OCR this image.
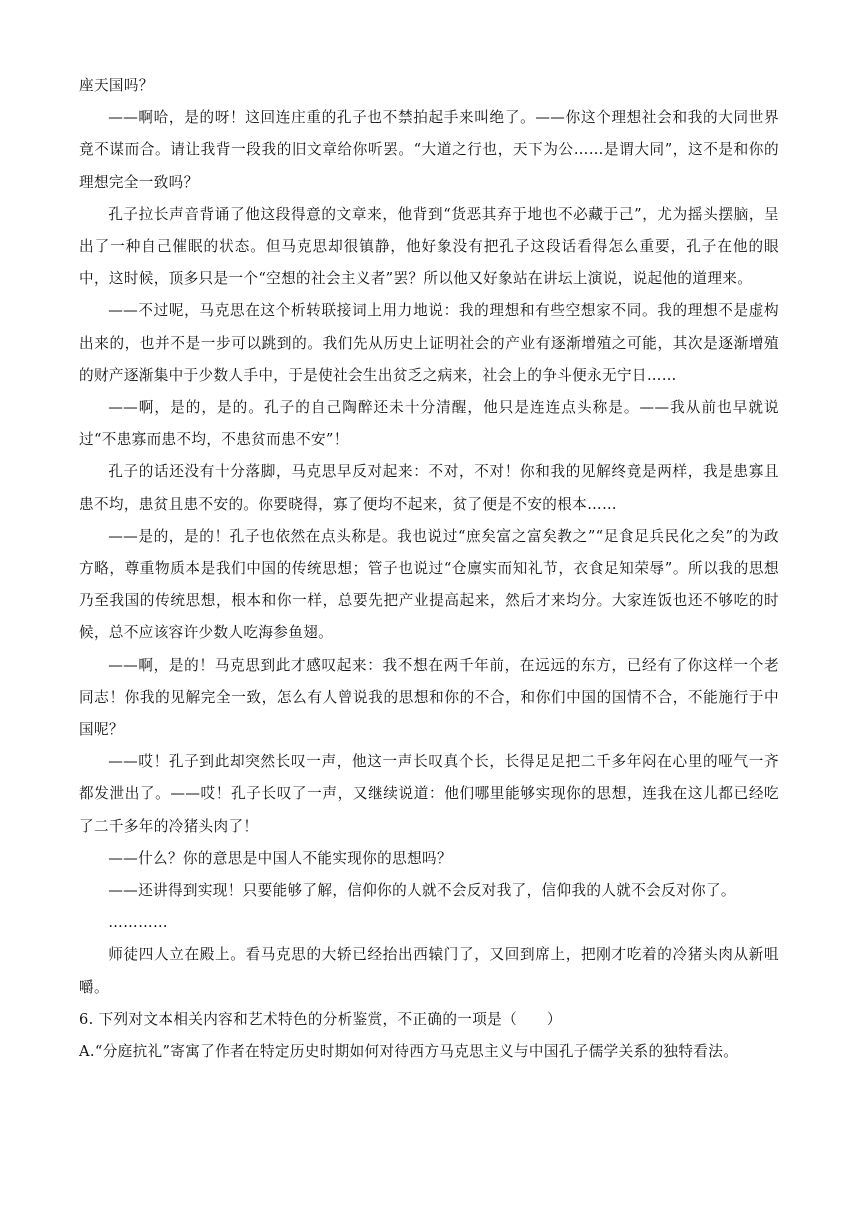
座天国吗？

——啊哈，是的呀！这回连庄重的孔子也不禁拍起手来叫绝了。——你这个理想社会和我的大同世界竟不谋而合。请让我背一段我的旧文章给你听罢。“大道之行也，天下为公……是谓大同”，这不是和你的理想完全一致吗？

孔子拉长声音背诵了他这段得意的文章来，他背到“货恶其弃于地也不必藏于己”，尤为摇头摆脑，呈出了一种自己催眠的状态。但马克思却很镇静，他好象没有把孔子这段话看得怎么重要，孔子在他的眼中，这时候，顶多只是一个“空想的社会主义者”罢？所以他又好象站在讲坛上演说，说起他的道理来。

——不过呢，马克思在这个析转联接词上用力地说：我的理想和有些空想家不同。我的理想不是虚构出来的，也并不是一步可以跳到的。我们先从历史上证明社会的产业有逐渐增殖之可能，其次是逐渐增殖的财产逐渐集中于少数人手中，于是使社会生出贫乏之病来，社会上的争斗便永无宁日……

——啊，是的，是的。孔子的自己陶醉还未十分清醒，他只是连连点头称是。——我从前也早就说过“不患寡而患不均，不患贫而患不安”！

孔子的话还没有十分落脚，马克思早反对起来：不对，不对！你和我的见解终竟是两样，我是患寡且患不均，患贫且患不安的。你要晓得，寡了便均不起来，贫了便是不安的根本……

——是的，是的！孔子也依然在点头称是。我也说过“庶矣富之富矣教之”“足食足兵民化之矣”的为政方略，尊重物质本是我们中国的传统思想；管子也说过“仓廪实而知礼节，衣食足知荣辱”。所以我的思想乃至我国的传统思想，根本和你一样，总要先把产业提高起来，然后才来均分。大家连饭也还不够吃的时候，总不应该容许少数人吃海参鱼翅。

——啊，是的！马克思到此才感叹起来：我不想在两千年前，在远远的东方，已经有了你这样一个老同志！你我的见解完全一致，怎么有人曾说我的思想和你的不合，和你们中国的国情不合，不能施行于中国呢？

——哎！孔子到此却突然长叹一声，他这一声长叹真个长，长得足足把二千多年闷在心里的哑气一齐都发泄出了。——哎！孔子长叹了一声，又继续说道：他们哪里能够实现你的思想，连我在这儿都已经吃了二千多年的冷猪头肉了！

——什么？你的意思是中国人不能实现你的思想吗？

——还讲得到实现！只要能够了解，信仰你的人就不会反对我了，信仰我的人就不会反对你了。

…………

师徒四人立在殿上。看马克思的大轿已经抬出西辕门了，又回到席上，把刚才吃着的冷猪头肉从新咀嚼。

6. 下列对文本相关内容和艺术特色的分析鉴赏，不正确的一项是（　　）

A.“分庭抗礼”寄寓了作者在特定历史时期如何对待西方马克思主义与中国孔子儒学关系的独特看法。
